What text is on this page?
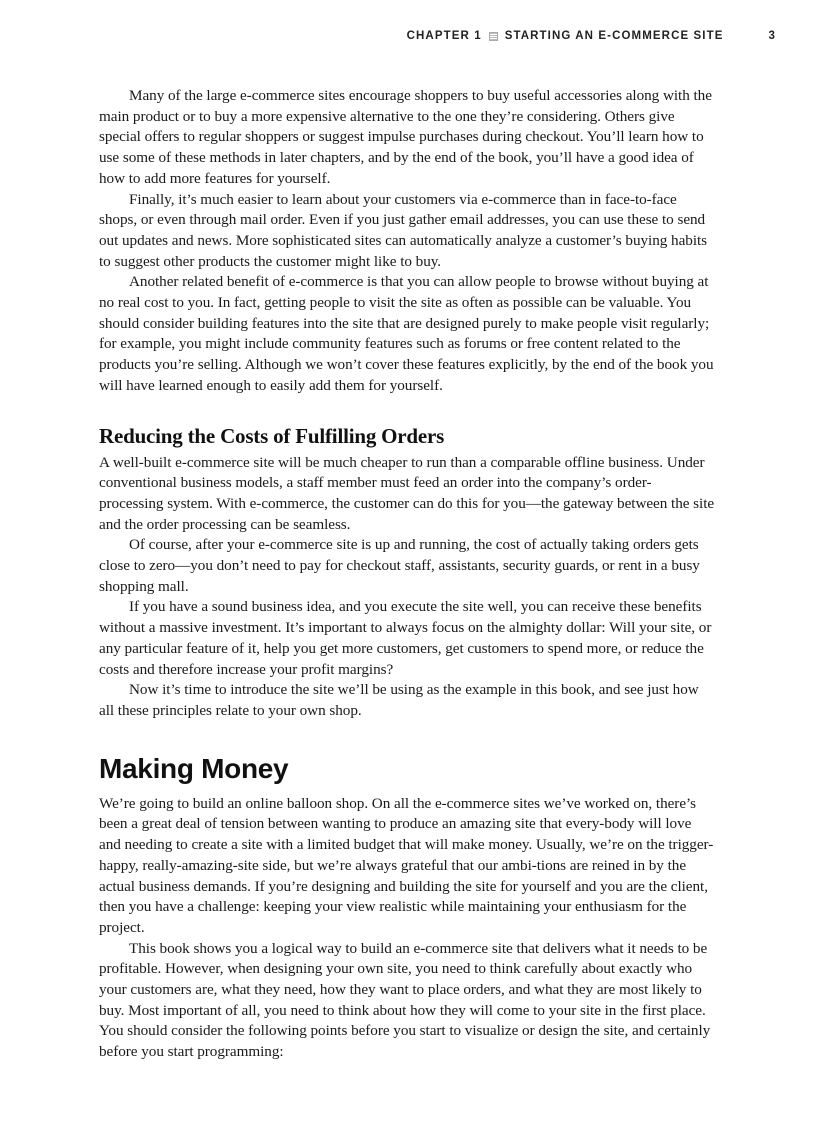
CHAPTER 1 STARTING AN E-COMMERCE SITE	3

Many of the large e-commerce sites encourage shoppers to buy useful accessories along with the main product or to buy a more expensive alternative to the one they’re considering. Others give special offers to regular shoppers or suggest impulse purchases during checkout. You’ll learn how to use some of these methods in later chapters, and by the end of the book, you’ll have a good idea of how to add more features for yourself.

Finally, it’s much easier to learn about your customers via e-commerce than in face-to-face shops, or even through mail order. Even if you just gather email addresses, you can use these to send out updates and news. More sophisticated sites can automatically analyze a customer’s buying habits to suggest other products the customer might like to buy.

Another related benefit of e-commerce is that you can allow people to browse without buying at no real cost to you. In fact, getting people to visit the site as often as possible can be valuable. You should consider building features into the site that are designed purely to make people visit regularly; for example, you might include community features such as forums or free content related to the products you’re selling. Although we won’t cover these features explicitly, by the end of the book you will have learned enough to easily add them for yourself.

Reducing the Costs of Fulfilling Orders

A well-built e-commerce site will be much cheaper to run than a comparable offline business. Under conventional business models, a staff member must feed an order into the company’s order-processing system. With e-commerce, the customer can do this for you—the gateway between the site and the order processing can be seamless.

Of course, after your e-commerce site is up and running, the cost of actually taking orders gets close to zero—you don’t need to pay for checkout staff, assistants, security guards, or rent in a busy shopping mall.

If you have a sound business idea, and you execute the site well, you can receive these benefits without a massive investment. It’s important to always focus on the almighty dollar: Will your site, or any particular feature of it, help you get more customers, get customers to spend more, or reduce the costs and therefore increase your profit margins?

Now it’s time to introduce the site we’ll be using as the example in this book, and see just how all these principles relate to your own shop.

Making Money

We’re going to build an online balloon shop. On all the e-commerce sites we’ve worked on, there’s been a great deal of tension between wanting to produce an amazing site that every-body will love and needing to create a site with a limited budget that will make money. Usually, we’re on the trigger-happy, really-amazing-site side, but we’re always grateful that our ambi-tions are reined in by the actual business demands. If you’re designing and building the site for yourself and you are the client, then you have a challenge: keeping your view realistic while maintaining your enthusiasm for the project.

This book shows you a logical way to build an e-commerce site that delivers what it needs to be profitable. However, when designing your own site, you need to think carefully about exactly who your customers are, what they need, how they want to place orders, and what they are most likely to buy. Most important of all, you need to think about how they will come to your site in the first place. You should consider the following points before you start to visualize or design the site, and certainly before you start programming:
